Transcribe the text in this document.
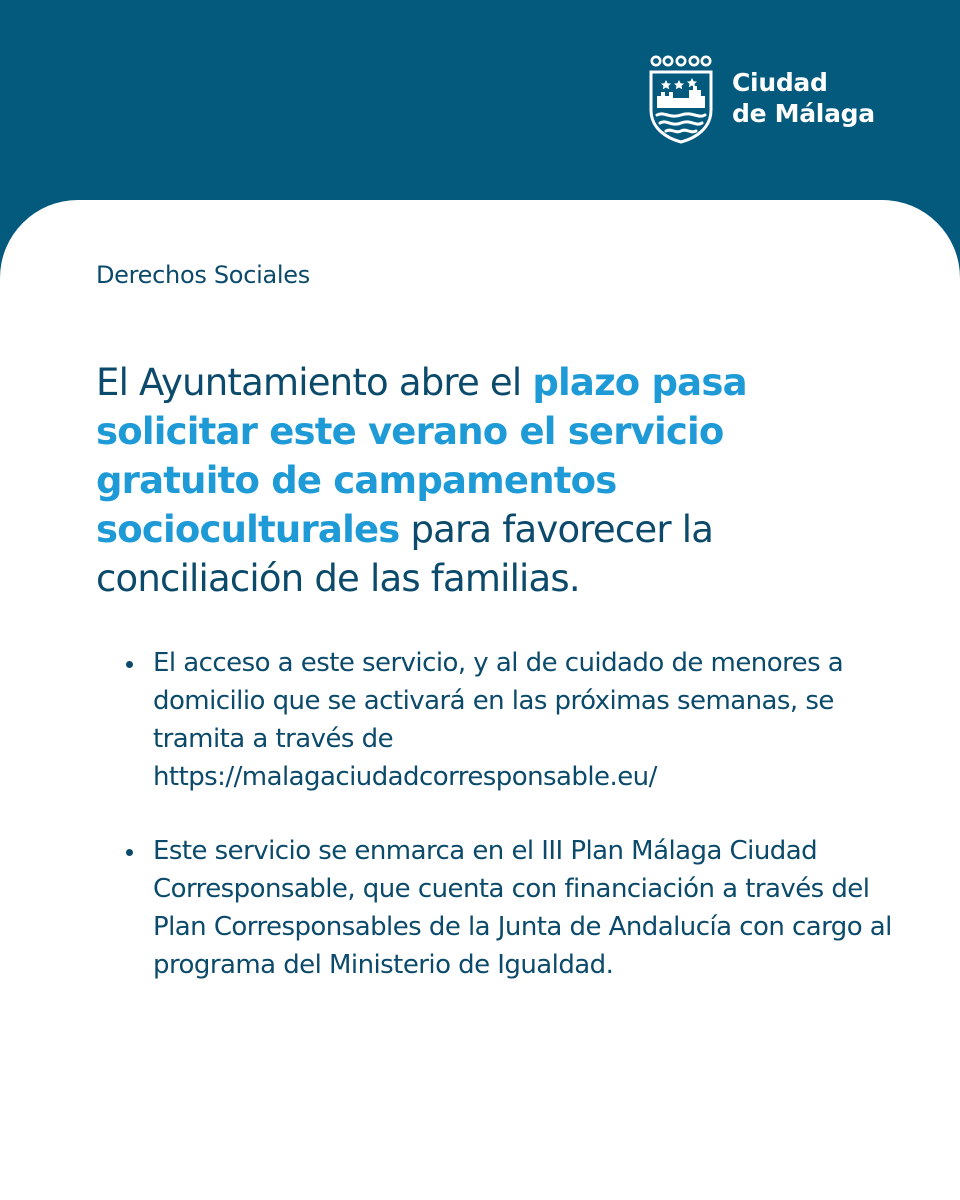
Ciudad
de Málaga

Derechos Sociales

El Ayuntamiento abre el plazo pasa solicitar este verano el servicio gratuito de campamentos socioculturales para favorecer la conciliación de las familias.
El acceso a este servicio, y al de cuidado de menores a domicilio que se activará en las próximas semanas, se tramita a través de https://malagaciudadcorresponsable.eu/
Este servicio se enmarca en el III Plan Málaga Ciudad Corresponsable, que cuenta con financiación a través del Plan Corresponsables de la Junta de Andalucía con cargo al programa del Ministerio de Igualdad.
